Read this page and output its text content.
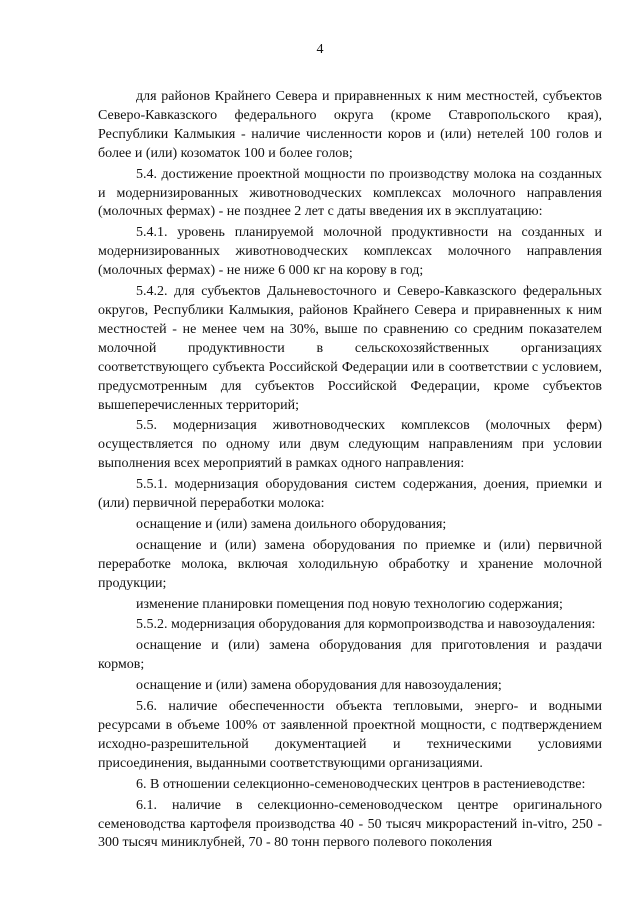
4

для районов Крайнего Севера и приравненных к ним местностей, субъектов Северо-Кавказского федерального округа (кроме Ставропольского края), Республики Калмыкия - наличие численности коров и (или) нетелей 100 голов и более и (или) козоматок 100 и более голов;

5.4. достижение проектной мощности по производству молока на созданных и модернизированных животноводческих комплексах молочного направления (молочных фермах) - не позднее 2 лет с даты введения их в эксплуатацию:

5.4.1. уровень планируемой молочной продуктивности на созданных и модернизированных животноводческих комплексах молочного направления (молочных фермах) - не ниже 6 000 кг на корову в год;

5.4.2. для субъектов Дальневосточного и Северо-Кавказского федеральных округов, Республики Калмыкия, районов Крайнего Севера и приравненных к ним местностей - не менее чем на 30%, выше по сравнению со средним показателем молочной продуктивности в сельскохозяйственных организациях соответствующего субъекта Российской Федерации или в соответствии с условием, предусмотренным для субъектов Российской Федерации, кроме субъектов вышеперечисленных территорий;

5.5. модернизация животноводческих комплексов (молочных ферм) осуществляется по одному или двум следующим направлениям при условии выполнения всех мероприятий в рамках одного направления:

5.5.1. модернизация оборудования систем содержания, доения, приемки и (или) первичной переработки молока:

оснащение и (или) замена доильного оборудования;

оснащение и (или) замена оборудования по приемке и (или) первичной переработке молока, включая холодильную обработку и хранение молочной продукции;

изменение планировки помещения под новую технологию содержания;

5.5.2. модернизация оборудования для кормопроизводства и навозоудаления:

оснащение и (или) замена оборудования для приготовления и раздачи кормов;

оснащение и (или) замена оборудования для навозоудаления;

5.6. наличие обеспеченности объекта тепловыми, энерго- и водными ресурсами в объеме 100% от заявленной проектной мощности, с подтверждением исходно-разрешительной документацией и техническими условиями присоединения, выданными соответствующими организациями.

6. В отношении селекционно-семеноводческих центров в растениеводстве:

6.1. наличие в селекционно-семеноводческом центре оригинального семеноводства картофеля производства 40 - 50 тысяч микрорастений in-vitro, 250 - 300 тысяч миниклубней, 70 - 80 тонн первого полевого поколения
